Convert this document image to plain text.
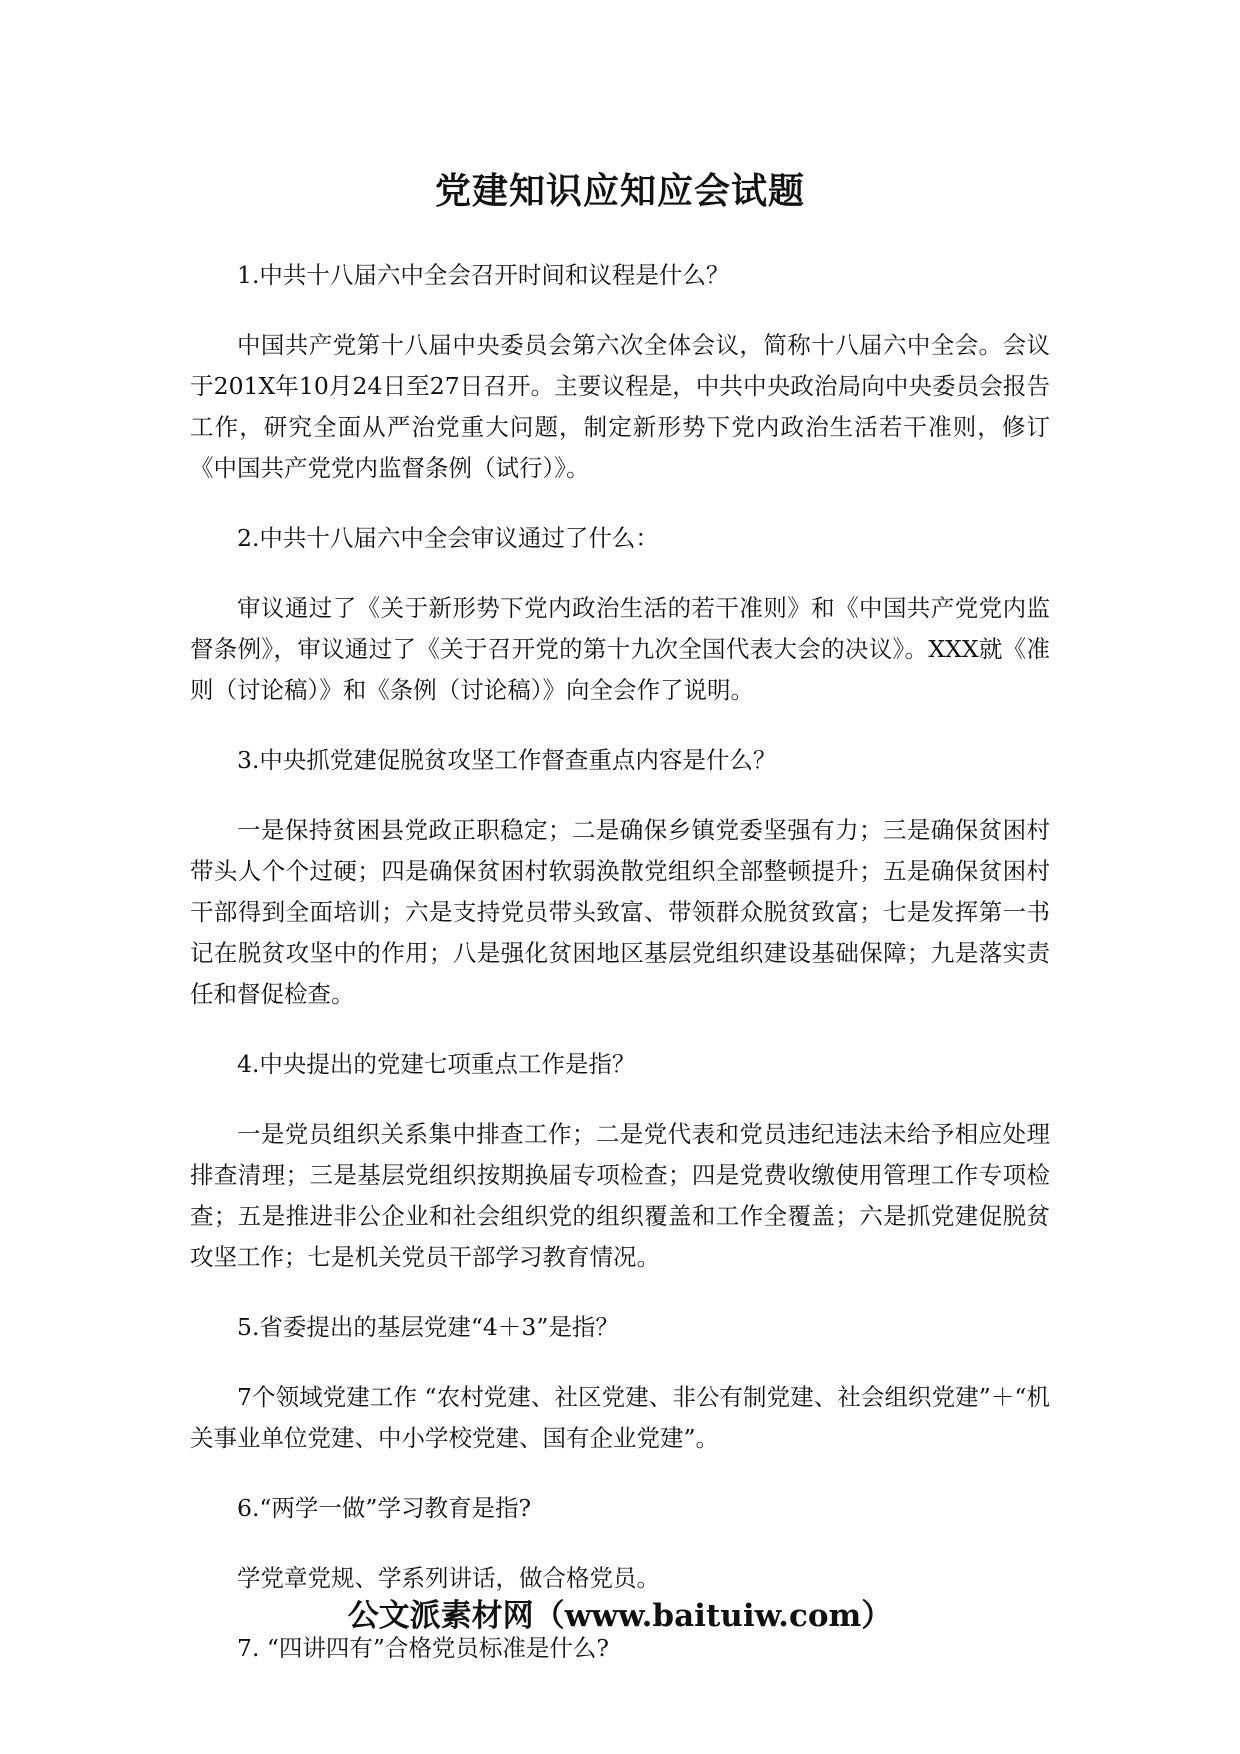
党建知识应知应会试题

1.中共十八届六中全会召开时间和议程是什么？

中国共产党第十八届中央委员会第六次全体会议，简称十八届六中全会。会议于201X年10月24日至27日召开。主要议程是，中共中央政治局向中央委员会报告工作，研究全面从严治党重大问题，制定新形势下党内政治生活若干准则，修订《中国共产党党内监督条例（试行）》。

2.中共十八届六中全会审议通过了什么：

审议通过了《关于新形势下党内政治生活的若干准则》和《中国共产党党内监督条例》，审议通过了《关于召开党的第十九次全国代表大会的决议》。XXX就《准则（讨论稿）》和《条例（讨论稿）》向全会作了说明。

3.中央抓党建促脱贫攻坚工作督查重点内容是什么？

一是保持贫困县党政正职稳定；二是确保乡镇党委坚强有力；三是确保贫困村带头人个个过硬；四是确保贫困村软弱涣散党组织全部整顿提升；五是确保贫困村干部得到全面培训；六是支持党员带头致富、带领群众脱贫致富；七是发挥第一书记在脱贫攻坚中的作用；八是强化贫困地区基层党组织建设基础保障；九是落实责任和督促检查。

4.中央提出的党建七项重点工作是指？

一是党员组织关系集中排查工作；二是党代表和党员违纪违法未给予相应处理排查清理；三是基层党组织按期换届专项检查；四是党费收缴使用管理工作专项检查；五是推进非公企业和社会组织党的组织覆盖和工作全覆盖；六是抓党建促脱贫攻坚工作；七是机关党员干部学习教育情况。

5.省委提出的基层党建“4＋3”是指？

7个领域党建工作 “农村党建、社区党建、非公有制党建、社会组织党建”＋“机关事业单位党建、中小学校党建、国有企业党建”。

6.“两学一做”学习教育是指?

学党章党规、学系列讲话，做合格党员。

7. “四讲四有”合格党员标准是什么?

公文派素材网（www.baituiw.com）
